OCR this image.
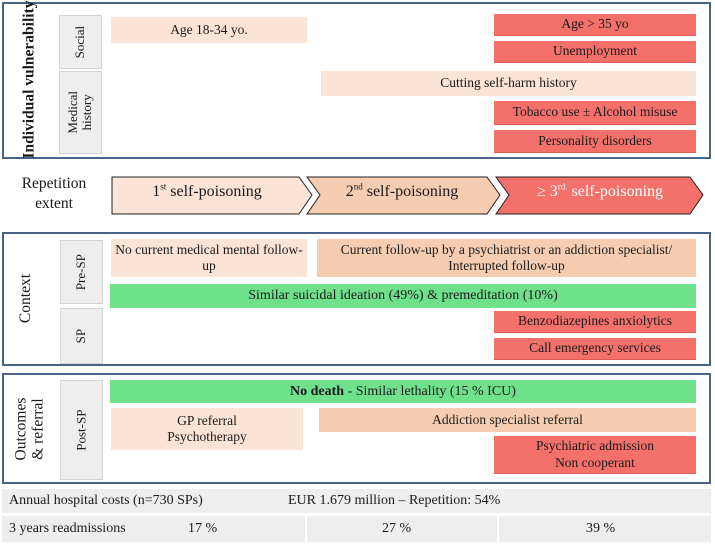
Individual vulnerability	Social
Medical history
Age 18-34 yo.	Age > 35 yo
Unemployment
Cutting self-harm history
Tobacco use ± Alcohol misuse
Personality disorders
Repetition extent
1st self-poisoning	2nd self-poisoning	≥ $3^{rd.}$ self-poisoning
Context
Pre-SP
SP
No current medical mental follow-up
Current follow-up by a psychiatrist or an addiction specialist/ Interrupted follow-up
Similar suicidal ideation (49%) & premeditation (10%)
Benzodiazepines anxiolytics
Call emergency services
Outcomes & referral Post-SP
No death - Similar lethality (15 % ICU)
GP referral
Psychotherapy
Addiction specialist referral
Psychiatric admission
Non cooperant
Annual hospital costs (n=730 SPs)	EUR 1.679 million – Repetition: 54%
3 years readmissions	17 %	27 %	39 %
